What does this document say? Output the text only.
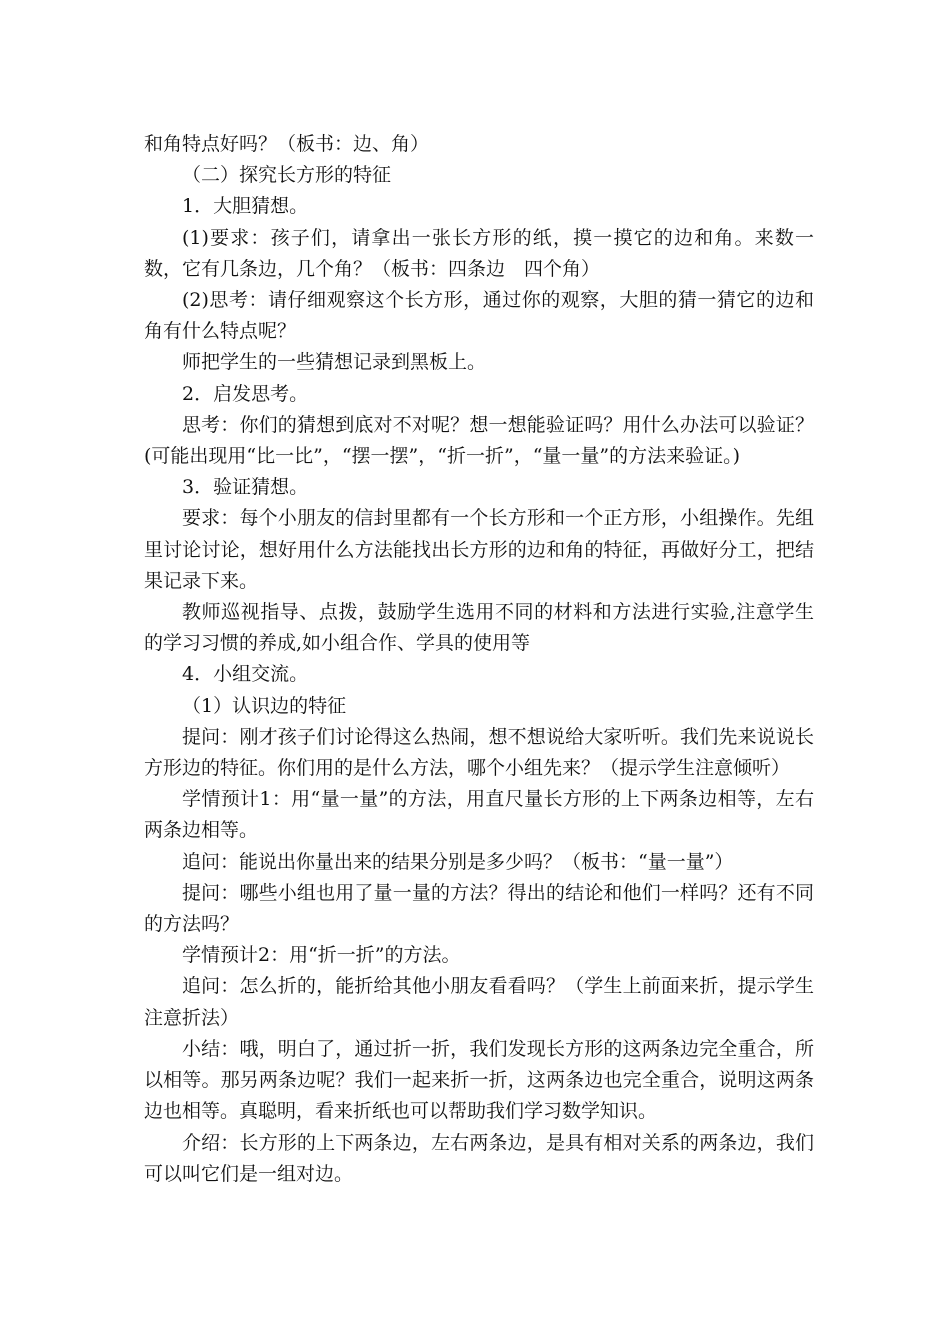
和角特点好吗？（板书：边、角）

（二）探究长方形的特征

1．大胆猜想。

(1)要求：孩子们，请拿出一张长方形的纸，摸一摸它的边和角。来数一数，它有几条边，几个角？（板书：四条边　四个角）

(2)思考：请仔细观察这个长方形，通过你的观察，大胆的猜一猜它的边和角有什么特点呢？

师把学生的一些猜想记录到黑板上。

2．启发思考。

思考：你们的猜想到底对不对呢？想一想能验证吗？用什么办法可以验证？(可能出现用“比一比”，“摆一摆”，“折一折”，“量一量”的方法来验证。)

3．验证猜想。

要求：每个小朋友的信封里都有一个长方形和一个正方形，小组操作。先组里讨论讨论，想好用什么方法能找出长方形的边和角的特征，再做好分工，把结果记录下来。

教师巡视指导、点拨，鼓励学生选用不同的材料和方法进行实验,注意学生的学习习惯的养成,如小组合作、学具的使用等

4．小组交流。

（1）认识边的特征

提问：刚才孩子们讨论得这么热闹，想不想说给大家听听。我们先来说说长方形边的特征。你们用的是什么方法，哪个小组先来？（提示学生注意倾听）

学情预计1：用“量一量”的方法，用直尺量长方形的上下两条边相等，左右两条边相等。

追问：能说出你量出来的结果分别是多少吗？（板书：“量一量”）

提问：哪些小组也用了量一量的方法？得出的结论和他们一样吗？还有不同的方法吗？

学情预计2：用“折一折”的方法。

追问：怎么折的，能折给其他小朋友看看吗？（学生上前面来折，提示学生注意折法）

小结：哦，明白了，通过折一折，我们发现长方形的这两条边完全重合，所以相等。那另两条边呢？我们一起来折一折，这两条边也完全重合，说明这两条边也相等。真聪明，看来折纸也可以帮助我们学习数学知识。

介绍：长方形的上下两条边，左右两条边，是具有相对关系的两条边，我们可以叫它们是一组对边。
